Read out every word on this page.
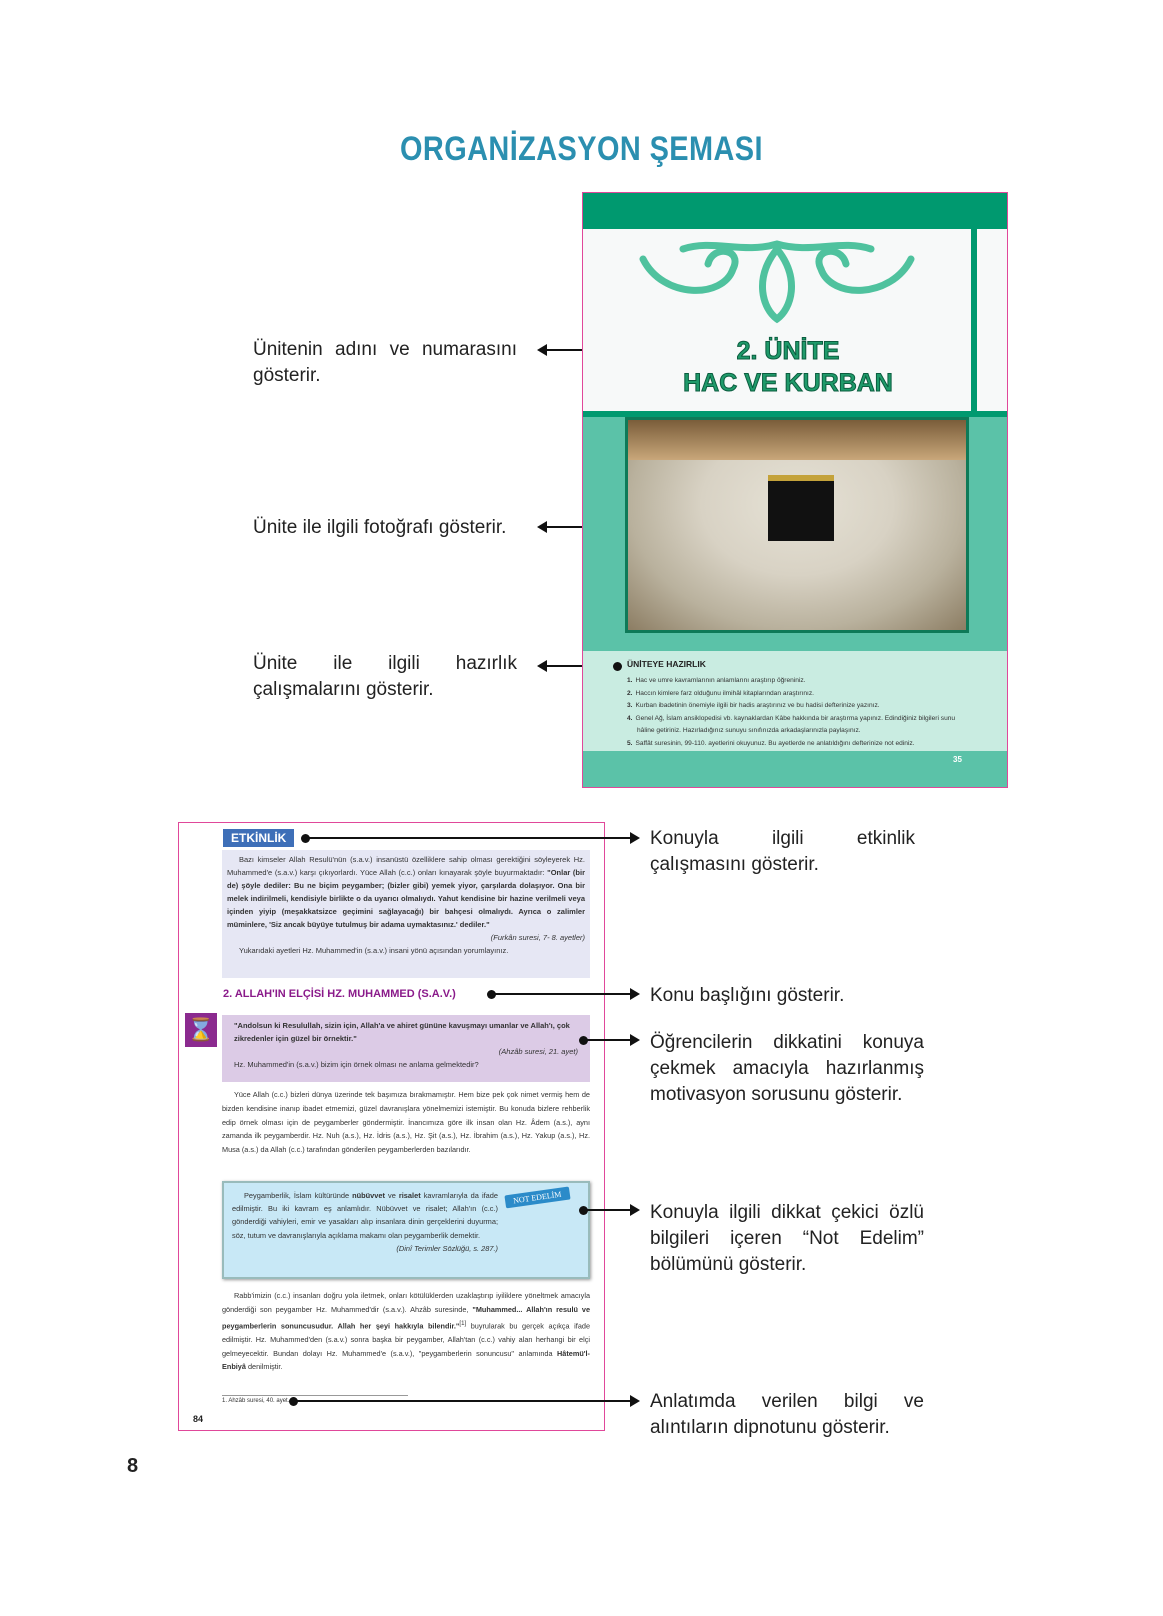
ORGANİZASYON ŞEMASI
Ünitenin adını ve numarasını gösterir.
Ünite ile ilgili fotoğrafı gösterir.
Ünite ile ilgili hazırlık çalışmalarını gösterir.
2. ÜNİTE
HAC VE KURBAN
ÜNİTEYE HAZIRLIK
1. Hac ve umre kavramlarının anlamlarını araştırıp öğreniniz.
2. Haccın kimlere farz olduğunu ilmihâl kitaplarından araştırınız.
3. Kurban ibadetinin önemiyle ilgili bir hadis araştırınız ve bu hadisi defterinize yazınız.
4. Genel Ağ, İslam ansiklopedisi vb. kaynaklardan Kâbe hakkında bir araştırma yapınız. Edindiğiniz bilgileri sunu hâline getiriniz. Hazırladığınız sunuyu sınıfınızda arkadaşlarınızla paylaşınız.
5. Saffât suresinin, 99-110. ayetlerini okuyunuz. Bu ayetlerde ne anlatıldığını defterinize not ediniz.
35
ETKİNLİK

Bazı kimseler Allah Resulü'nün (s.a.v.) insanüstü özelliklere sahip olması gerektiğini söyleyerek Hz. Muhammed'e (s.a.v.) karşı çıkıyorlardı. Yüce Allah (c.c.) onları kınayarak şöyle buyurmaktadır: "Onlar (bir de) şöyle dediler: Bu ne biçim peygamber; (bizler gibi) yemek yiyor, çarşılarda dolaşıyor. Ona bir melek indirilmeli, kendisiyle birlikte o da uyarıcı olmalıydı. Yahut kendisine bir hazine verilmeli veya içinden yiyip (meşakkatsizce geçimini sağlayacağı) bir bahçesi olmalıydı. Ayrıca o zalimler müminlere, 'Siz ancak büyüye tutulmuş bir adama uymaktasınız.' dediler."

(Furkân suresi, 7- 8. ayetler)

Yukarıdaki ayetleri Hz. Muhammed'in (s.a.v.) insani yönü açısından yorumlayınız.

2. ALLAH'IN ELÇİSİ HZ. MUHAMMED (S.A.V.)
⌛	"Andolsun ki Resulullah, sizin için, Allah'a ve ahiret gününe kavuşmayı umanlar ve Allah'ı, çok zikredenler için güzel bir örnektir."

(Ahzâb suresi, 21. ayet)

Hz. Muhammed'in (s.a.v.) bizim için örnek olması ne anlama gelmektedir?

Yüce Allah (c.c.) bizleri dünya üzerinde tek başımıza bırakmamıştır. Hem bize pek çok nimet vermiş hem de bizden kendisine inanıp ibadet etmemizi, güzel davranışlara yönelmemizi istemiştir. Bu konuda bizlere rehberlik edip örnek olması için de peygamberler göndermiştir. İnancımıza göre ilk insan olan Hz. Âdem (a.s.), aynı zamanda ilk peygamberdir. Hz. Nuh (a.s.), Hz. İdris (a.s.), Hz. Şit (a.s.), Hz. İbrahim (a.s.), Hz. Yakup (a.s.), Hz. Musa (a.s.) da Allah (c.c.) tarafından gönderilen peygamberlerden bazılarıdır.

Peygamberlik, İslam kültüründe nübüvvet ve risalet kavramlarıyla da ifade edilmiştir. Bu iki kavram eş anlamlıdır. Nübüvvet ve risalet; Allah'ın (c.c.) gönderdiği vahiyleri, emir ve yasakları alıp insanlara dinin gerçeklerini duyurma; söz, tutum ve davranışlarıyla açıklama makamı olan peygamberlik demektir.

(Dinî Terimler Sözlüğü, s. 287.)

NOT EDELİM

Rabb'imizin (c.c.) insanları doğru yola iletmek, onları kötülüklerden uzaklaştırıp iyiliklere yöneltmek amacıyla gönderdiği son peygamber Hz. Muhammed'dir (s.a.v.). Ahzâb suresinde, "Muhammed... Allah'ın resulü ve peygamberlerin sonuncusudur. Allah her şeyi hakkıyla bilendir."[1] buyrularak bu gerçek açıkça ifade edilmiştir. Hz. Muhammed'den (s.a.v.) sonra başka bir peygamber, Allah'tan (c.c.) vahiy alan herhangi bir elçi gelmeyecektir. Bundan dolayı Hz. Muhammed'e (s.a.v.), "peygamberlerin sonuncusu" anlamında Hâtemü'l-Enbiyâ denilmiştir.

1. Ahzâb suresi, 40. ayet.
84
Konuyla ilgili etkinlik çalışmasını gösterir.
Konu başlığını gösterir.
Öğrencilerin dikkatini konuya çekmek amacıyla hazırlanmış motivasyon sorusunu gösterir.
Konuyla ilgili dikkat çekici özlü bilgileri içeren “Not Edelim” bölümünü gösterir.
Anlatımda verilen bilgi ve alıntıların dipnotunu gösterir.
8
